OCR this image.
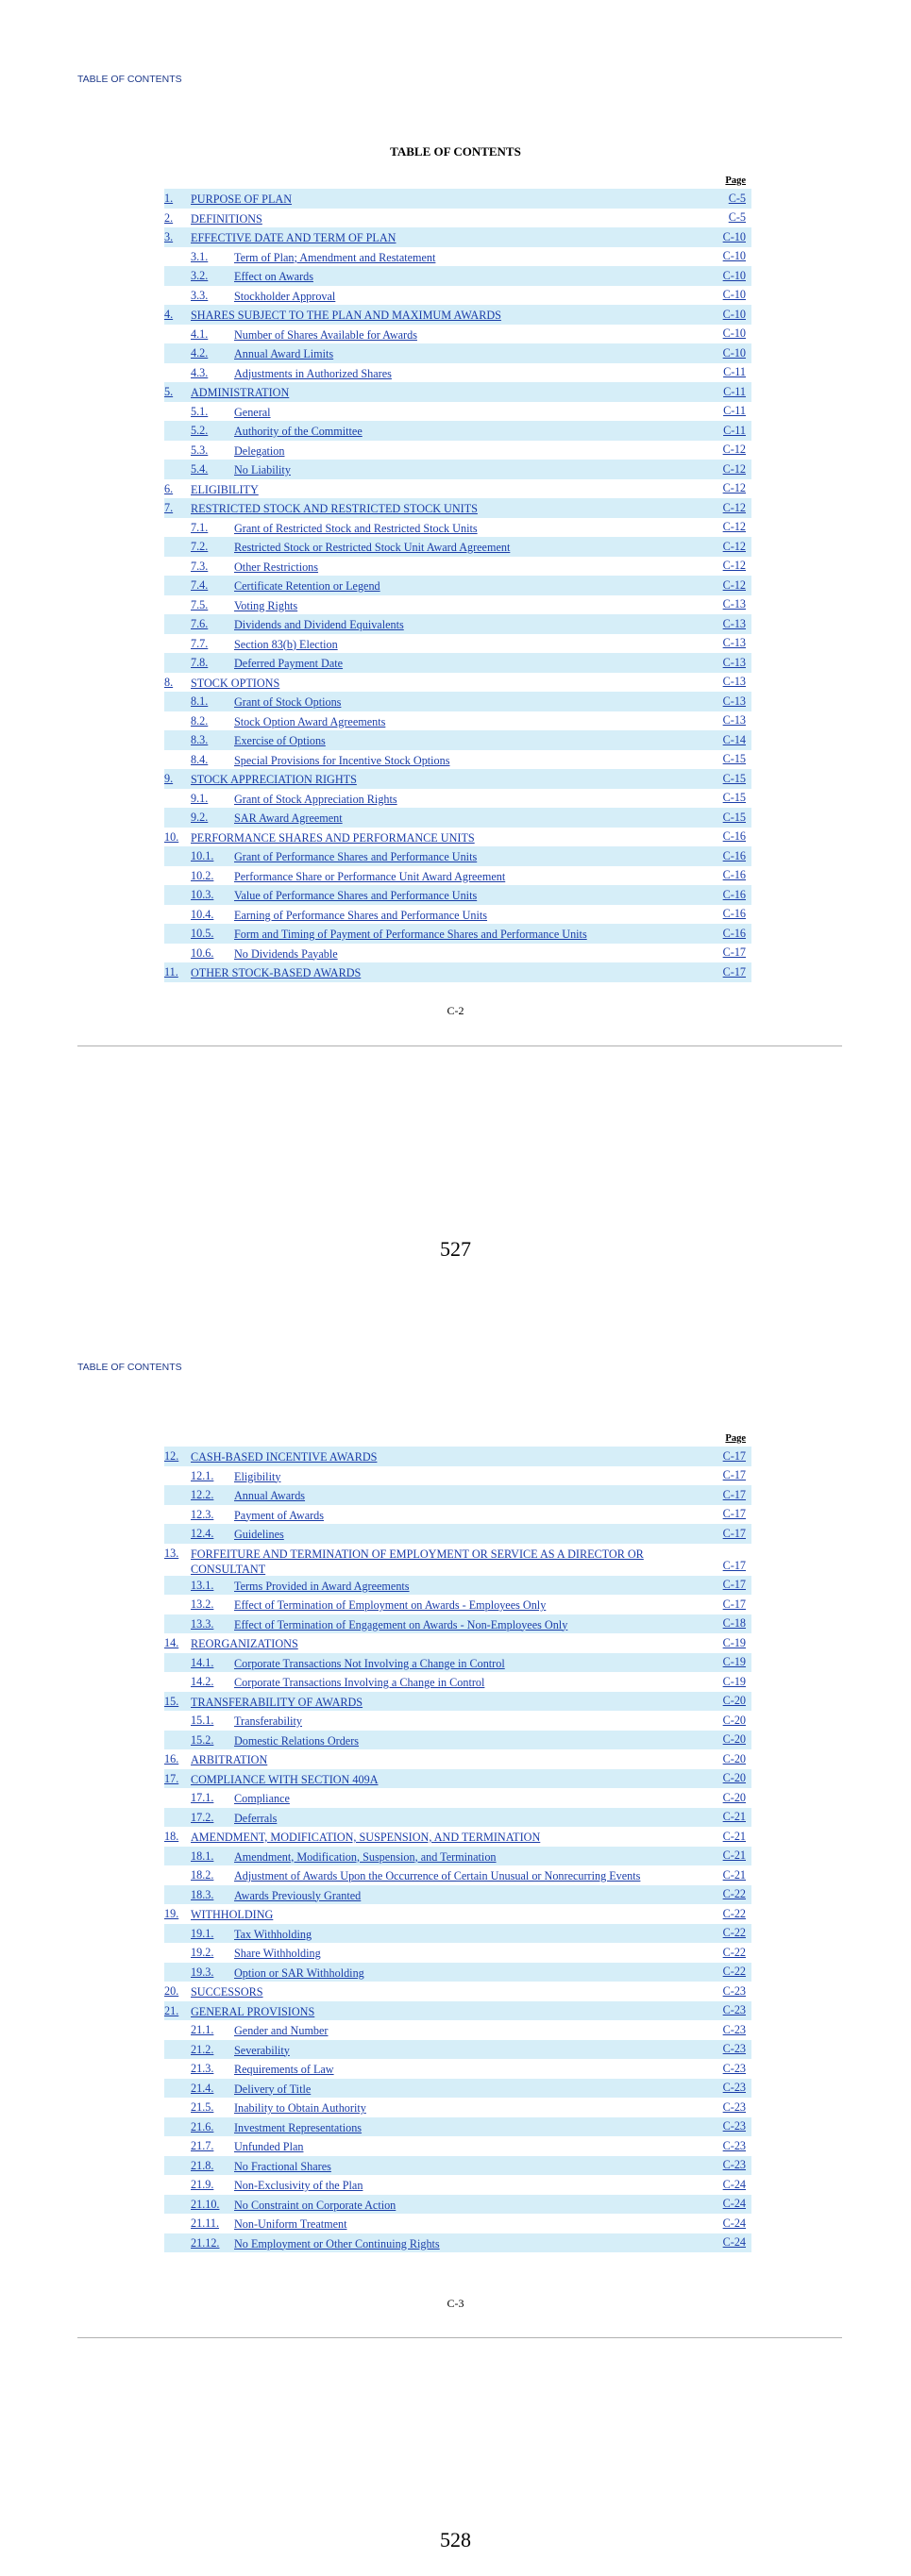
TABLE OF CONTENTS
TABLE OF CONTENTS
Page
1. PURPOSE OF PLAN	C-5
2. DEFINITIONS	C-5
3. EFFECTIVE DATE AND TERM OF PLAN	C-10
3.1. Term of Plan; Amendment and Restatement	C-10
3.2. Effect on Awards	C-10
3.3. Stockholder Approval	C-10
4. SHARES SUBJECT TO THE PLAN AND MAXIMUM AWARDS	C-10
4.1. Number of Shares Available for Awards	C-10
4.2. Annual Award Limits	C-10
4.3. Adjustments in Authorized Shares	C-11
5. ADMINISTRATION	C-11
5.1. General	C-11
5.2. Authority of the Committee	C-11
5.3. Delegation	C-12
5.4. No Liability	C-12
6. ELIGIBILITY	C-12
7. RESTRICTED STOCK AND RESTRICTED STOCK UNITS	C-12
7.1. Grant of Restricted Stock and Restricted Stock Units	C-12
7.2. Restricted Stock or Restricted Stock Unit Award Agreement	C-12
7.3. Other Restrictions	C-12
7.4. Certificate Retention or Legend	C-12
7.5. Voting Rights	C-13
7.6. Dividends and Dividend Equivalents	C-13
7.7. Section 83(b) Election	C-13
7.8. Deferred Payment Date	C-13
8. STOCK OPTIONS	C-13
8.1. Grant of Stock Options	C-13
8.2. Stock Option Award Agreements	C-13
8.3. Exercise of Options	C-14
8.4. Special Provisions for Incentive Stock Options	C-15
9. STOCK APPRECIATION RIGHTS	C-15
9.1. Grant of Stock Appreciation Rights	C-15
9.2. SAR Award Agreement	C-15
10. PERFORMANCE SHARES AND PERFORMANCE UNITS	C-16
10.1. Grant of Performance Shares and Performance Units	C-16
10.2. Performance Share or Performance Unit Award Agreement	C-16
10.3. Value of Performance Shares and Performance Units	C-16
10.4. Earning of Performance Shares and Performance Units	C-16
10.5. Form and Timing of Payment of Performance Shares and Performance Units	C-16
10.6. No Dividends Payable	C-17
11. OTHER STOCK-BASED AWARDS	C-17
C-2
527
TABLE OF CONTENTS
Page
12. CASH-BASED INCENTIVE AWARDS	C-17
12.1. Eligibility	C-17
12.2. Annual Awards	C-17
12.3. Payment of Awards	C-17
12.4. Guidelines	C-17
13. FORFEITURE AND TERMINATION OF EMPLOYMENT OR SERVICE AS A DIRECTOR OR CONSULTANT	C-17
13.1. Terms Provided in Award Agreements	C-17
13.2. Effect of Termination of Employment on Awards - Employees Only	C-17
13.3. Effect of Termination of Engagement on Awards - Non-Employees Only	C-18
14. REORGANIZATIONS	C-19
14.1. Corporate Transactions Not Involving a Change in Control	C-19
14.2. Corporate Transactions Involving a Change in Control	C-19
15. TRANSFERABILITY OF AWARDS	C-20
15.1. Transferability	C-20
15.2. Domestic Relations Orders	C-20
16. ARBITRATION	C-20
17. COMPLIANCE WITH SECTION 409A	C-20
17.1. Compliance	C-20
17.2. Deferrals	C-21
18. AMENDMENT, MODIFICATION, SUSPENSION, AND TERMINATION	C-21
18.1. Amendment, Modification, Suspension, and Termination	C-21
18.2. Adjustment of Awards Upon the Occurrence of Certain Unusual or Nonrecurring Events	C-21
18.3. Awards Previously Granted	C-22
19. WITHHOLDING	C-22
19.1. Tax Withholding	C-22
19.2. Share Withholding	C-22
19.3. Option or SAR Withholding	C-22
20. SUCCESSORS	C-23
21. GENERAL PROVISIONS	C-23
21.1. Gender and Number	C-23
21.2. Severability	C-23
21.3. Requirements of Law	C-23
21.4. Delivery of Title	C-23
21.5. Inability to Obtain Authority	C-23
21.6. Investment Representations	C-23
21.7. Unfunded Plan	C-23
21.8. No Fractional Shares	C-23
21.9. Non-Exclusivity of the Plan	C-24
21.10. No Constraint on Corporate Action	C-24
21.11. Non-Uniform Treatment	C-24
21.12. No Employment or Other Continuing Rights	C-24
C-3
528
